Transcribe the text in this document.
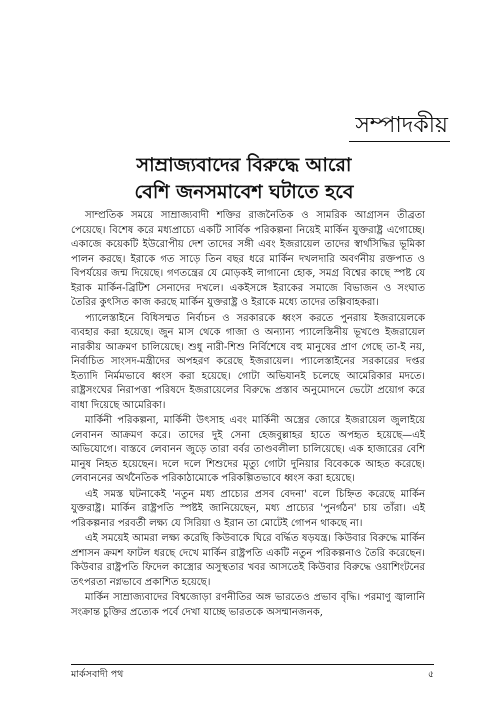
সম্পাদকীয়
সাম্রাজ্যবাদের বিরুদ্ধে আরো
বেশি জনসমাবেশ ঘটাতে হবে

সাম্প্রতিক সময়ে সাম্রাজ্যবাদী শক্তির রাজনৈতিক ও সামরিক আগ্রাসন তীব্রতা পেয়েছে। বিশেষ করে মধ্যপ্রাচ্যে একটি সার্বিক পরিকল্পনা নিয়েই মার্কিন যুক্তরাষ্ট্র এগোচ্ছে। একাজে কয়েকটি ইউরোপীয় দেশ তাদের সঙ্গী এবং ইজরায়েল তাদের স্বার্থসিদ্ধির ভূমিকা পালন করছে। ইরাকে গত সাড়ে তিন বছর ধরে মার্কিন দখলদারি অবর্ণনীয় রক্তপাত ও বিপর্যয়ের জন্ম দিয়েছে। গণতন্ত্রের যে মোড়কই লাগানো হোক, সমগ্র বিশ্বের কাছে স্পষ্ট যে ইরাক মার্কিন-ব্রিটিশ সেনাদের দখলে। একইসঙ্গে ইরাকের সমাজে বিভাজন ও সংঘাত তৈরির কুৎসিত কাজ করছে মার্কিন যুক্তরাষ্ট্র ও ইরাকে মধ্যে তাদের তল্পিবাহকরা।

প্যালেস্তাইনে বিধিসম্মত নির্বাচন ও সরকারকে ধ্বংস করতে পুনরায় ইজরায়েলকে ব্যবহার করা হয়েছে। জুন মাস থেকে গাজা ও অন্যান্য প্যালেস্তিনীয় ভূখণ্ডে ইজরায়েল নারকীয় আক্রমণ চালিয়েছে। শুধু নারী-শিশু নির্বিশেষে বহু মানুষের প্রাণ গেছে তা-ই নয়, নির্বাচিত সাংসদ-মন্ত্রীদের অপহরণ করেছে ইজরায়েল। প্যালেস্তাইনের সরকারের দপ্তর ইত্যাদি নির্মমভাবে ধ্বংস করা হয়েছে। গোটা অভিযানই চলেছে আমেরিকার মদতে। রাষ্ট্রসংঘের নিরাপত্তা পরিষদে ইজরায়েলের বিরুদ্ধে প্রস্তাব অনুমোদনে ভেটো প্রয়োগ করে বাধা দিয়েছে আমেরিকা।

মার্কিনী পরিকল্পনা, মার্কিনী উৎসাহ এবং মার্কিনী অস্ত্রের জোরে ইজরায়েল জুলাইয়ে লেবানন আক্রমণ করে। তাদের দুই সেনা হেজবুল্লাহর হাতে অপহৃত হয়েছে—এই অভিযোগে। বাস্তবে লেবানন জুড়ে তারা বর্বর তাণ্ডবলীলা চালিয়েছে। এক হাজারের বেশি মানুষ নিহত হয়েছেন। দলে দলে শিশুদের মৃত্যু গোটা দুনিয়ার বিবেককে আহত করেছে। লেবাননের অর্থনৈতিক পরিকাঠামোকে পরিকল্পিতভাবে ধ্বংস করা হয়েছে।

এই সমস্ত ঘটনাকেই 'নতুন মধ্য প্রাচ্যের প্রসব বেদনা' বলে চিহ্নিত করেছে মার্কিন যুক্তরাষ্ট্র। মার্কিন রাষ্ট্রপতি স্পষ্টই জানিয়েছেন, মধ্য প্রাচ্যের 'পুনর্গঠন' চায় তাঁরা। এই পরিকল্পনার পরবর্তী লক্ষ্য যে সিরিয়া ও ইরান তা মোটেই গোপন থাকছে না।

এই সময়েই আমরা লক্ষ্য করেছি কিউবাকে ঘিরে বর্দ্ধিত ষড়যন্ত্র। কিউবার বিরুদ্ধে মার্কিন প্রশাসন ক্রমশ ফাটল ধরছে দেখে মার্কিন রাষ্ট্রপতি একটি নতুন পরিকল্পনাও তৈরি করেছেন। কিউবার রাষ্ট্রপতি ফিদেল কাস্ত্রোর অসুস্থতার খবর আসতেই কিউবার বিরুদ্ধে ওয়াশিংটনের তৎপরতা নগ্নভাবে প্রকাশিত হয়েছে।

মার্কিন সাম্রাজ্যবাদের বিশ্বজোড়া রণনীতির অঙ্গ ভারতেও প্রভাব বৃদ্ধি। পরমাণু জ্বালানি সংক্রান্ত চুক্তির প্রত্যেক পর্বে দেখা যাচ্ছে ভারতকে অসম্মানজনক,

মার্কসবাদী পথ	৫
